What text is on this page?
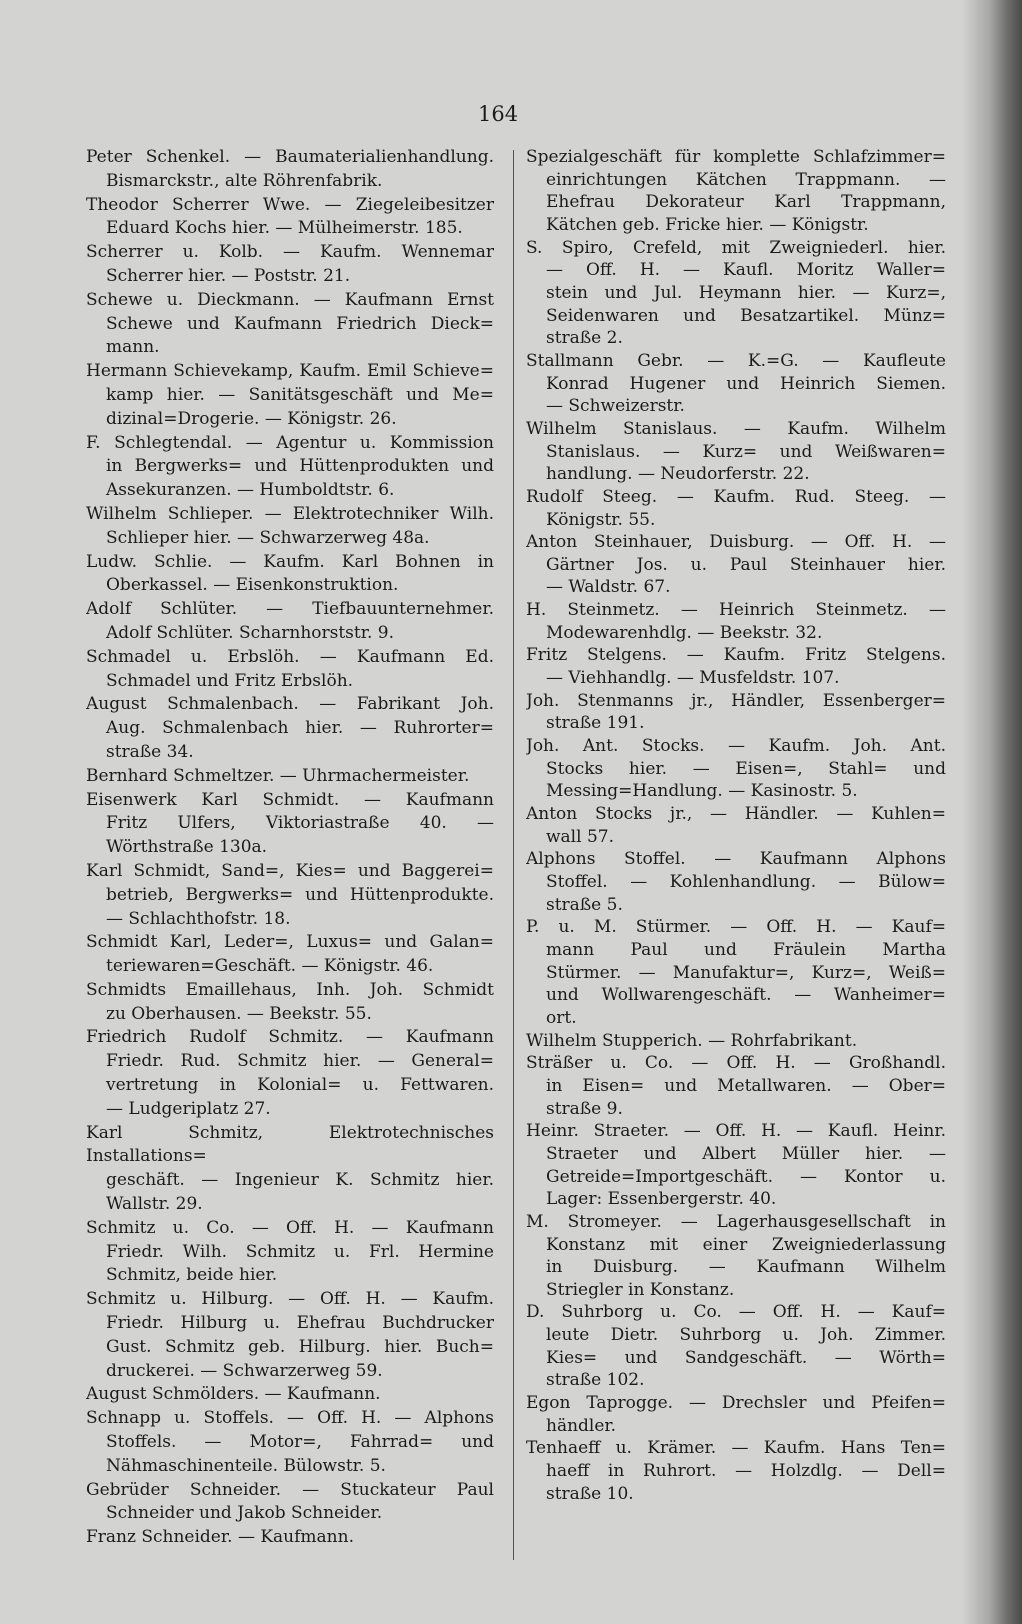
164
Peter Schenkel. — Baumaterialienhandlung.
Bismarckstr., alte Röhrenfabrik.
Theodor Scherrer Wwe. — Ziegeleibesitzer
Eduard Kochs hier. — Mülheimerstr. 185.
Scherrer u. Kolb. — Kaufm. Wennemar
Scherrer hier. — Poststr. 21.
Schewe u. Dieckmann. — Kaufmann Ernst
Schewe und Kaufmann Friedrich Dieck=
mann.
Hermann Schievekamp, Kaufm. Emil Schieve=
kamp hier. — Sanitätsgeschäft und Me=
dizinal=Drogerie. — Königstr. 26.
F. Schlegtendal. — Agentur u. Kommission
in Bergwerks= und Hüttenprodukten und
Assekuranzen. — Humboldtstr. 6.
Wilhelm Schlieper. — Elektrotechniker Wilh.
Schlieper hier. — Schwarzerweg 48a.
Ludw. Schlie. — Kaufm. Karl Bohnen in
Oberkassel. — Eisenkonstruktion.
Adolf Schlüter. — Tiefbauunternehmer.
Adolf Schlüter. Scharnhorststr. 9.
Schmadel u. Erbslöh. — Kaufmann Ed.
Schmadel und Fritz Erbslöh.
August Schmalenbach. — Fabrikant Joh.
Aug. Schmalenbach hier. — Ruhrorter=
straße 34.
Bernhard Schmeltzer. — Uhrmachermeister.
Eisenwerk Karl Schmidt. — Kaufmann
Fritz Ulfers, Viktoriastraße 40. —
Wörthstraße 130a.
Karl Schmidt, Sand=, Kies= und Baggerei=
betrieb, Bergwerks= und Hüttenprodukte.
— Schlachthofstr. 18.
Schmidt Karl, Leder=, Luxus= und Galan=
teriewaren=Geschäft. — Königstr. 46.
Schmidts Emaillehaus, Inh. Joh. Schmidt
zu Oberhausen. — Beekstr. 55.
Friedrich Rudolf Schmitz. — Kaufmann
Friedr. Rud. Schmitz hier. — General=
vertretung in Kolonial= u. Fettwaren.
— Ludgeriplatz 27.
Karl Schmitz, Elektrotechnisches Installations=
geschäft. — Ingenieur K. Schmitz hier.
Wallstr. 29.
Schmitz u. Co. — Off. H. — Kaufmann
Friedr. Wilh. Schmitz u. Frl. Hermine
Schmitz, beide hier.
Schmitz u. Hilburg. — Off. H. — Kaufm.
Friedr. Hilburg u. Ehefrau Buchdrucker
Gust. Schmitz geb. Hilburg. hier. Buch=
druckerei. — Schwarzerweg 59.
August Schmölders. — Kaufmann.
Schnapp u. Stoffels. — Off. H. — Alphons
Stoffels. — Motor=, Fahrrad= und
Nähmaschinenteile. Bülowstr. 5.
Gebrüder Schneider. — Stuckateur Paul
Schneider und Jakob Schneider.
Franz Schneider. — Kaufmann.
Spezialgeschäft für komplette Schlafzimmer=
einrichtungen Kätchen Trappmann. —
Ehefrau Dekorateur Karl Trappmann,
Kätchen geb. Fricke hier. — Königstr.
S. Spiro, Crefeld, mit Zweigniederl. hier.
— Off. H. — Kaufl. Moritz Waller=
stein und Jul. Heymann hier. — Kurz=,
Seidenwaren und Besatzartikel. Münz=
straße 2.
Stallmann Gebr. — K.=G. — Kaufleute
Konrad Hugener und Heinrich Siemen.
— Schweizerstr.
Wilhelm Stanislaus. — Kaufm. Wilhelm
Stanislaus. — Kurz= und Weißwaren=
handlung. — Neudorferstr. 22.
Rudolf Steeg. — Kaufm. Rud. Steeg. —
Königstr. 55.
Anton Steinhauer, Duisburg. — Off. H. —
Gärtner Jos. u. Paul Steinhauer hier.
— Waldstr. 67.
H. Steinmetz. — Heinrich Steinmetz. —
Modewarenhdlg. — Beekstr. 32.
Fritz Stelgens. — Kaufm. Fritz Stelgens.
— Viehhandlg. — Musfeldstr. 107.
Joh. Stenmanns jr., Händler, Essenberger=
straße 191.
Joh. Ant. Stocks. — Kaufm. Joh. Ant.
Stocks hier. — Eisen=, Stahl= und
Messing=Handlung. — Kasinostr. 5.
Anton Stocks jr., — Händler. — Kuhlen=
wall 57.
Alphons Stoffel. — Kaufmann Alphons
Stoffel. — Kohlenhandlung. — Bülow=
straße 5.
P. u. M. Stürmer. — Off. H. — Kauf=
mann Paul und Fräulein Martha
Stürmer. — Manufaktur=, Kurz=, Weiß=
und Wollwarengeschäft. — Wanheimer=
ort.
Wilhelm Stupperich. — Rohrfabrikant.
Sträßer u. Co. — Off. H. — Großhandl.
in Eisen= und Metallwaren. — Ober=
straße 9.
Heinr. Straeter. — Off. H. — Kaufl. Heinr.
Straeter und Albert Müller hier. —
Getreide=Importgeschäft. — Kontor u.
Lager: Essenbergerstr. 40.
M. Stromeyer. — Lagerhausgesellschaft in
Konstanz mit einer Zweigniederlassung
in Duisburg. — Kaufmann Wilhelm
Striegler in Konstanz.
D. Suhrborg u. Co. — Off. H. — Kauf=
leute Dietr. Suhrborg u. Joh. Zimmer.
Kies= und Sandgeschäft. — Wörth=
straße 102.
Egon Taprogge. — Drechsler und Pfeifen=
händler.
Tenhaeff u. Krämer. — Kaufm. Hans Ten=
haeff in Ruhrort. — Holzdlg. — Dell=
straße 10.
